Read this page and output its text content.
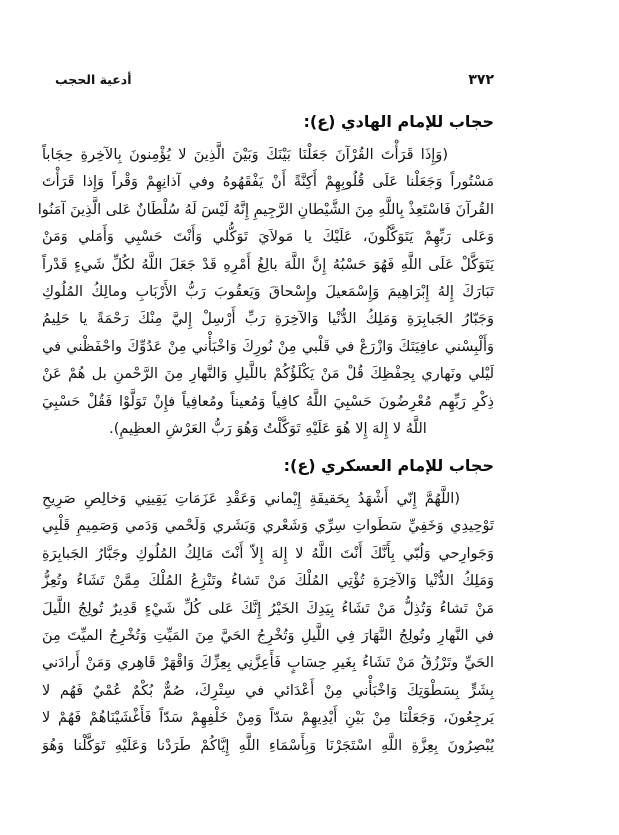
٣٧٢
أدعية الحجب
حجاب للإمام الهادي (ع):
(وَإِذَا قَرَأْتَ القُرْآنَ جَعَلْنَا بَيْنَكَ وَبَيْنَ الَّذِينَ لا يُؤْمِنونَ بِالآخِرةِ حِجَاباً
مَسْتُوراً وَجَعَلْنا عَلَى قُلُوبِهِمْ أَكِنَّةً أَنْ يَفْقَهُوهُ وفي آذانِهِمْ وَقْراً وَإِذا قَرَأْتَ
القُرآنَ فَاسْتَعِذْ بِاللَّهِ مِنَ الشَّيْطانِ الرَّجِيمِ إِنَّهُ لَيْسَ لَهُ سُلْطَانٌ عَلى الَّذِينَ آمَنُوا
وَعَلى رَبِّهِمْ يَتَوَكَّلُونَ، عَلَيْكَ يا مَولاَيَ تَوَكُّلي وَأَنْتَ حَسْبِي وَأَمَلي وَمَنْ
يَتَوَكَّلْ عَلَى اللَّهِ فَهُوَ حَسْبُهُ إِنَّ اللَّهَ بالِغُ أَمْرِهِ قَدْ جَعَلَ اللَّهُ لكُلِّ شَيءٍ قَدْراً
تَبَارَكَ إِلهُ إِبْرَاهِيمَ وَإِسْمَعيلَ وإِسْحاقَ وَيَعقُوبَ رَبُّ الأَرْبَابِ ومالِكُ المُلُوكِ
وَجَبّارُ الجَبابِرَةِ وَمَلِكُ الدُّنْيا وَالآخِرَةِ رَبِّ أَرْسِلْ إِليَّ مِنْكَ رَحْمَةً يا حَلِيمُ
وَأَلْبِسْني عافِيَتَكَ وَازْرَعْ في قَلْبي مِنْ نُورِكَ وَاخْبَأْني مِنْ عَدُوِّكَ واحْفَظْني في
لَيْلي ونَهاري بِحِفْظِكَ قُلْ مَنْ يَكْلَؤُكُمْ باللَّيلِ وَالنَّهارِ مِنَ الرَّحْمنِ بل هُمْ عَنْ
ذِكْرِ رَبِّهِم مُعْرِضُونَ حَسْبِيَ اللَّهُ كافِياً وَمُعيناً ومُعافِياً فإِنْ تَوَلَّوْا فَقُلْ حَسْبِيَ
اللَّهُ لا إِلهَ إِلا هُوَ عَلَيْهِ تَوَكَّلْتُ وَهُوَ رَبُّ العَرْشِ العظِيمِ).
حجاب للإمام العسكري (ع):
(اللَّهُمَّ إِنّي أَشْهَدُ بِحَقيقَةِ إِيْماني وَعَقْدِ عَزَمَاتِ يَقِينِي وَخالِصِ صَرِيحِ
تَوْحِيدِي وَخَفِيِّ سَطَواتِ سِرِّي وَشَعْري وَبَشَري وَلَحْمي وَدَمي وَصَمِيمِ قَلْبِي
وَجَوارِحي وَلُبّي بِأَنَّكَ أَنْتَ اللَّهُ لا إِلهَ إِلاّ أَنْتَ مَالِكُ المُلُوكِ وجَبَّارُ الجَبابِرَةِ
وَمَلِكُ الدُّنْيا وَالآخِرَةِ تُؤْتِي المُلْكَ مَنْ تَشاءُ وتَنْزِعُ المُلْكَ مِمَّنْ تَشَاءُ وتُعِزُّ
مَنْ تَشاءُ وَتُذِلُّ مَنْ تَشَاءُ بِيَدِكَ الخَيْرُ إِنَّكَ عَلى كُلِّ شَيْءٍ قَدِيرٌ تُولِجُ اللَّيلَ
في النَّهارِ وتُولِجُ النَّهَارَ فِي اللَّيلِ وَتُخْرِجُ الحَيَّ مِنَ المَيِّتِ وَتُخْرِجُ الميِّتَ مِنَ
الحَيِّ وتَرْزُقُ مَنْ تَشَاءُ بِغَيرِ حِسَابٍ فَأَعِزَّنِي بِعِزِّكَ وَاقْهَرْ قَاهِري وَمَنْ أَرادَني
بِشَرٍّ بِسَطْوَتِكَ وَاخْبَأْني مِنْ أَعْدَائي في سِتْرِكَ، صُمٌّ بُكْمٌ عُمْيٌ فَهُم لا
يَرجِعُونَ، وَجَعَلْنَا مِنْ بَيْنِ أَيْدِيهِمْ سَدّاً وَمِنْ خَلْفِهِمْ سَدّاً فَأَغْشَيْنَاهُمْ فَهُمْ لا
يُبْصِرُونَ بِعِزَّةِ اللَّهِ اسْتَجَرْنَا وَبِأَسْمَاءِ اللَّهِ إِيَّاكُمْ طَرَدْنا وَعَلَيْهِ تَوَكَّلْنا وَهُوَ
